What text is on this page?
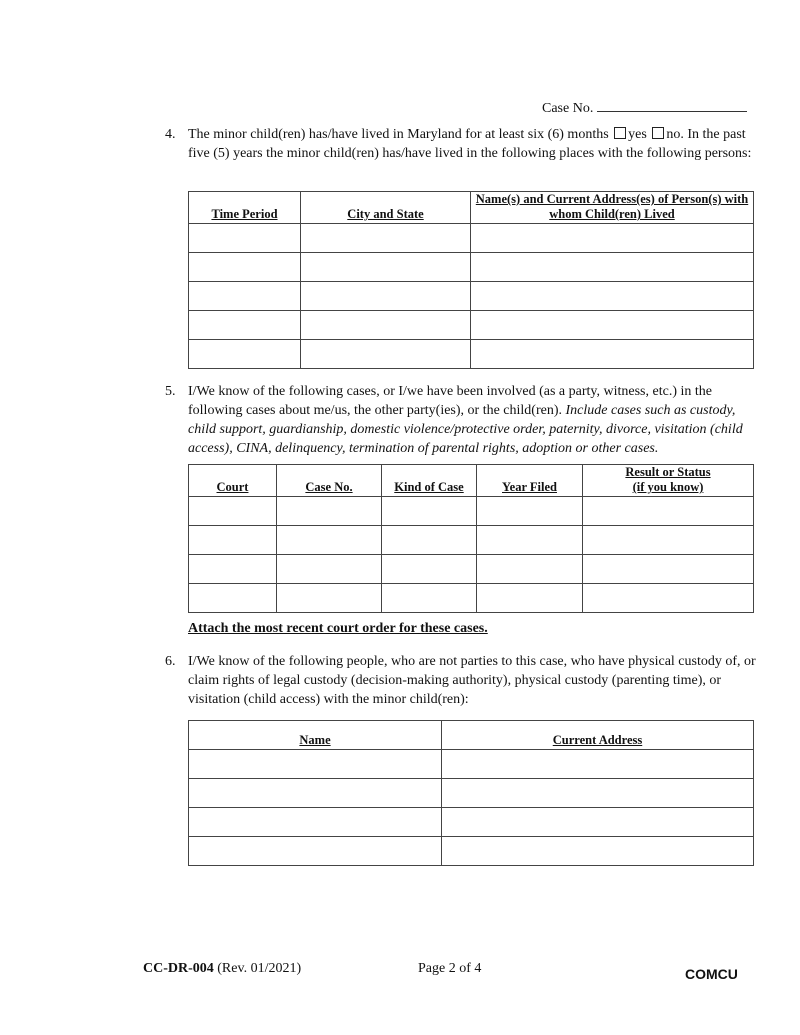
Case No.
4. The minor child(ren) has/have lived in Maryland for at least six (6) months yes no. In the past five (5) years the minor child(ren) has/have lived in the following places with the following persons:
Time Period	City and State	Name(s) and Current Address(es) of Person(s) with whom Child(ren) Lived

5. I/We know of the following cases, or I/we have been involved (as a party, witness, etc.) in the following cases about me/us, the other party(ies), or the child(ren). Include cases such as custody, child support, guardianship, domestic violence/protective order, paternity, divorce, visitation (child access), CINA, delinquency, termination of parental rights, adoption or other cases.
Court	Case No.	Kind of Case	Year Filed	Result or Status (if you know)

Attach the most recent court order for these cases.
6. I/We know of the following people, who are not parties to this case, who have physical custody of, or claim rights of legal custody (decision-making authority), physical custody (parenting time), or visitation (child access) with the minor child(ren):
Name	Current Address

CC-DR-004 (Rev. 01/2021)	Page 2 of 4	COMCU
